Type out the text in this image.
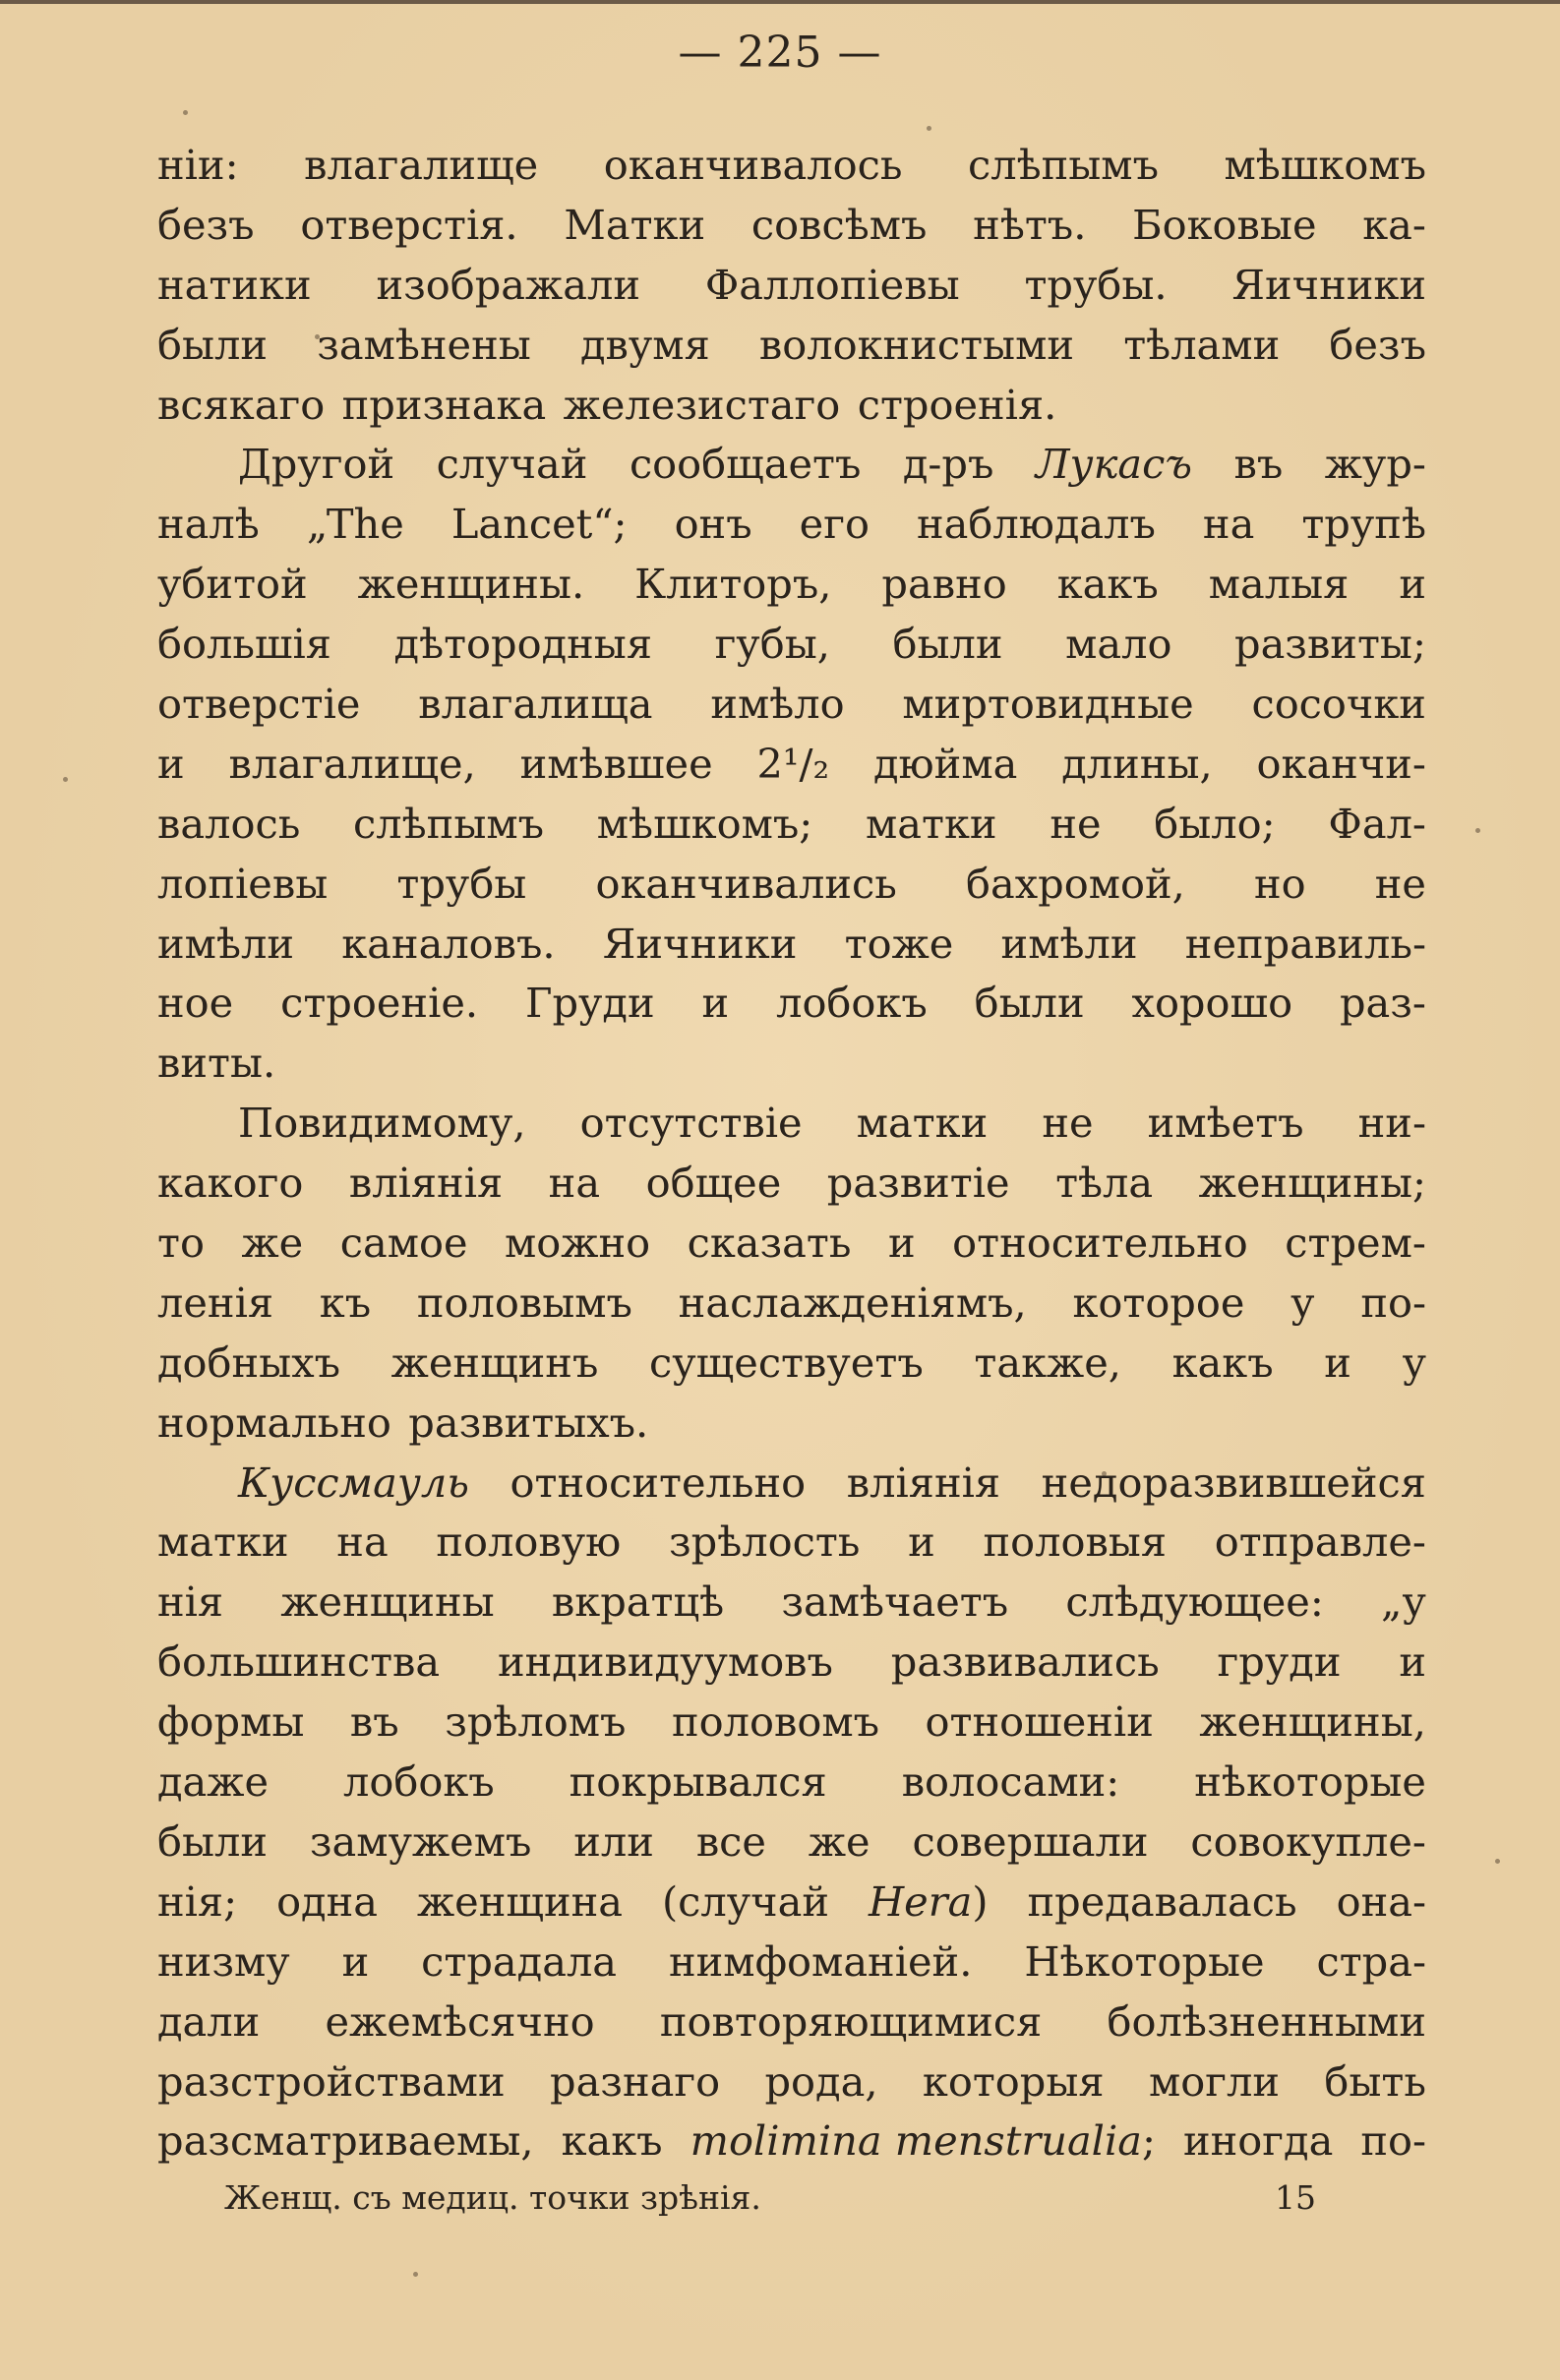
— 225 —
ніи: влагалище оканчивалось слѣпымъ мѣшкомъ
безъ отверстія. Матки совсѣмъ нѣтъ. Боковые ка-
натики изображали Фаллопіевы трубы. Яичники
были замѣнены двумя волокнистыми тѣлами безъ
всякаго признака железистаго строенія.
Другой случай сообщаетъ д-ръ Лукасъ въ жур-
налѣ „The Lancet“; онъ его наблюдалъ на трупѣ
убитой женщины. Клиторъ, равно какъ малыя и
большія дѣтородныя губы, были мало развиты;
отверстіе влагалища имѣло миртовидные сосочки
и влагалище, имѣвшее 2¹/₂ дюйма длины, оканчи-
валось слѣпымъ мѣшкомъ; матки не было; Фал-
лопіевы трубы оканчивались бахромой, но не
имѣли каналовъ. Яичники тоже имѣли неправиль-
ное строеніе. Груди и лобокъ были хорошо раз-
виты.
Повидимому, отсутствіе матки не имѣетъ ни-
какого вліянія на общее развитіе тѣла женщины;
то же самое можно сказать и относительно стрем-
ленія къ половымъ наслажденіямъ, которое у по-
добныхъ женщинъ существуетъ также, какъ и у
нормально развитыхъ.
Куссмауль относительно вліянія недоразвившейся
матки на половую зрѣлость и половыя отправле-
нія женщины вкратцѣ замѣчаетъ слѣдующее: „у
большинства индивидуумовъ развивались груди и
формы въ зрѣломъ половомъ отношеніи женщины,
даже лобокъ покрывался волосами: нѣкоторые
были замужемъ или все же совершали совокупле-
нія; одна женщина (случай Неra) предавалась она-
низму и страдала нимфоманіей. Нѣкоторые стра-
дали ежемѣсячно повторяющимися болѣзненными
разстройствами разнаго рода, которыя могли быть
разсматриваемы, какъ molimina menstrualia; иногда по-
Женщ. съ медиц. точки зрѣнія.	15
